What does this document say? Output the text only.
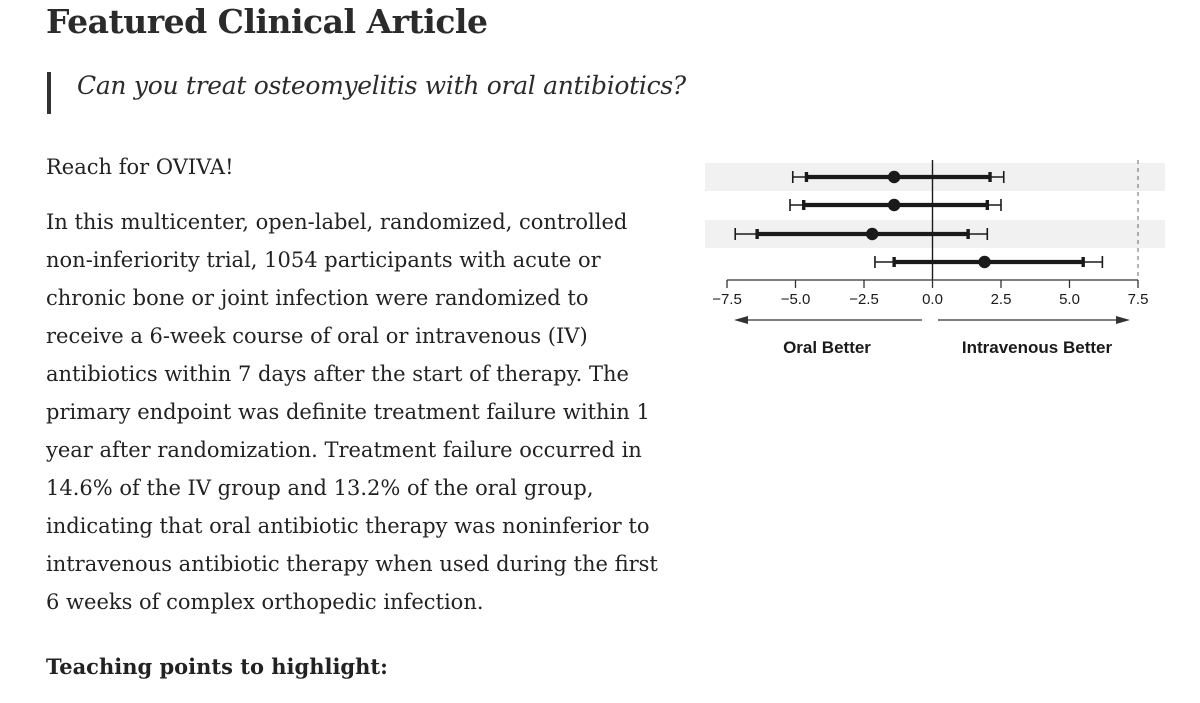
Featured Clinical Article
Can you treat osteomyelitis with oral antibiotics?
Reach for OVIVA!
In this multicenter, open-label, randomized, controlled
non-inferiority trial, 1054 participants with acute or
chronic bone or joint infection were randomized to
receive a 6-week course of oral or intravenous (IV)
antibiotics within 7 days after the start of therapy. The
primary endpoint was definite treatment failure within 1
year after randomization. Treatment failure occurred in
14.6% of the IV group and 13.2% of the oral group,
indicating that oral antibiotic therapy was noninferior to
intravenous antibiotic therapy when used during the first
6 weeks of complex orthopedic infection.
Teaching points to highlight:
−7.5	−5.0	−2.5	0.0	2.5	5.0	7.5
Oral Better	Intravenous Better
